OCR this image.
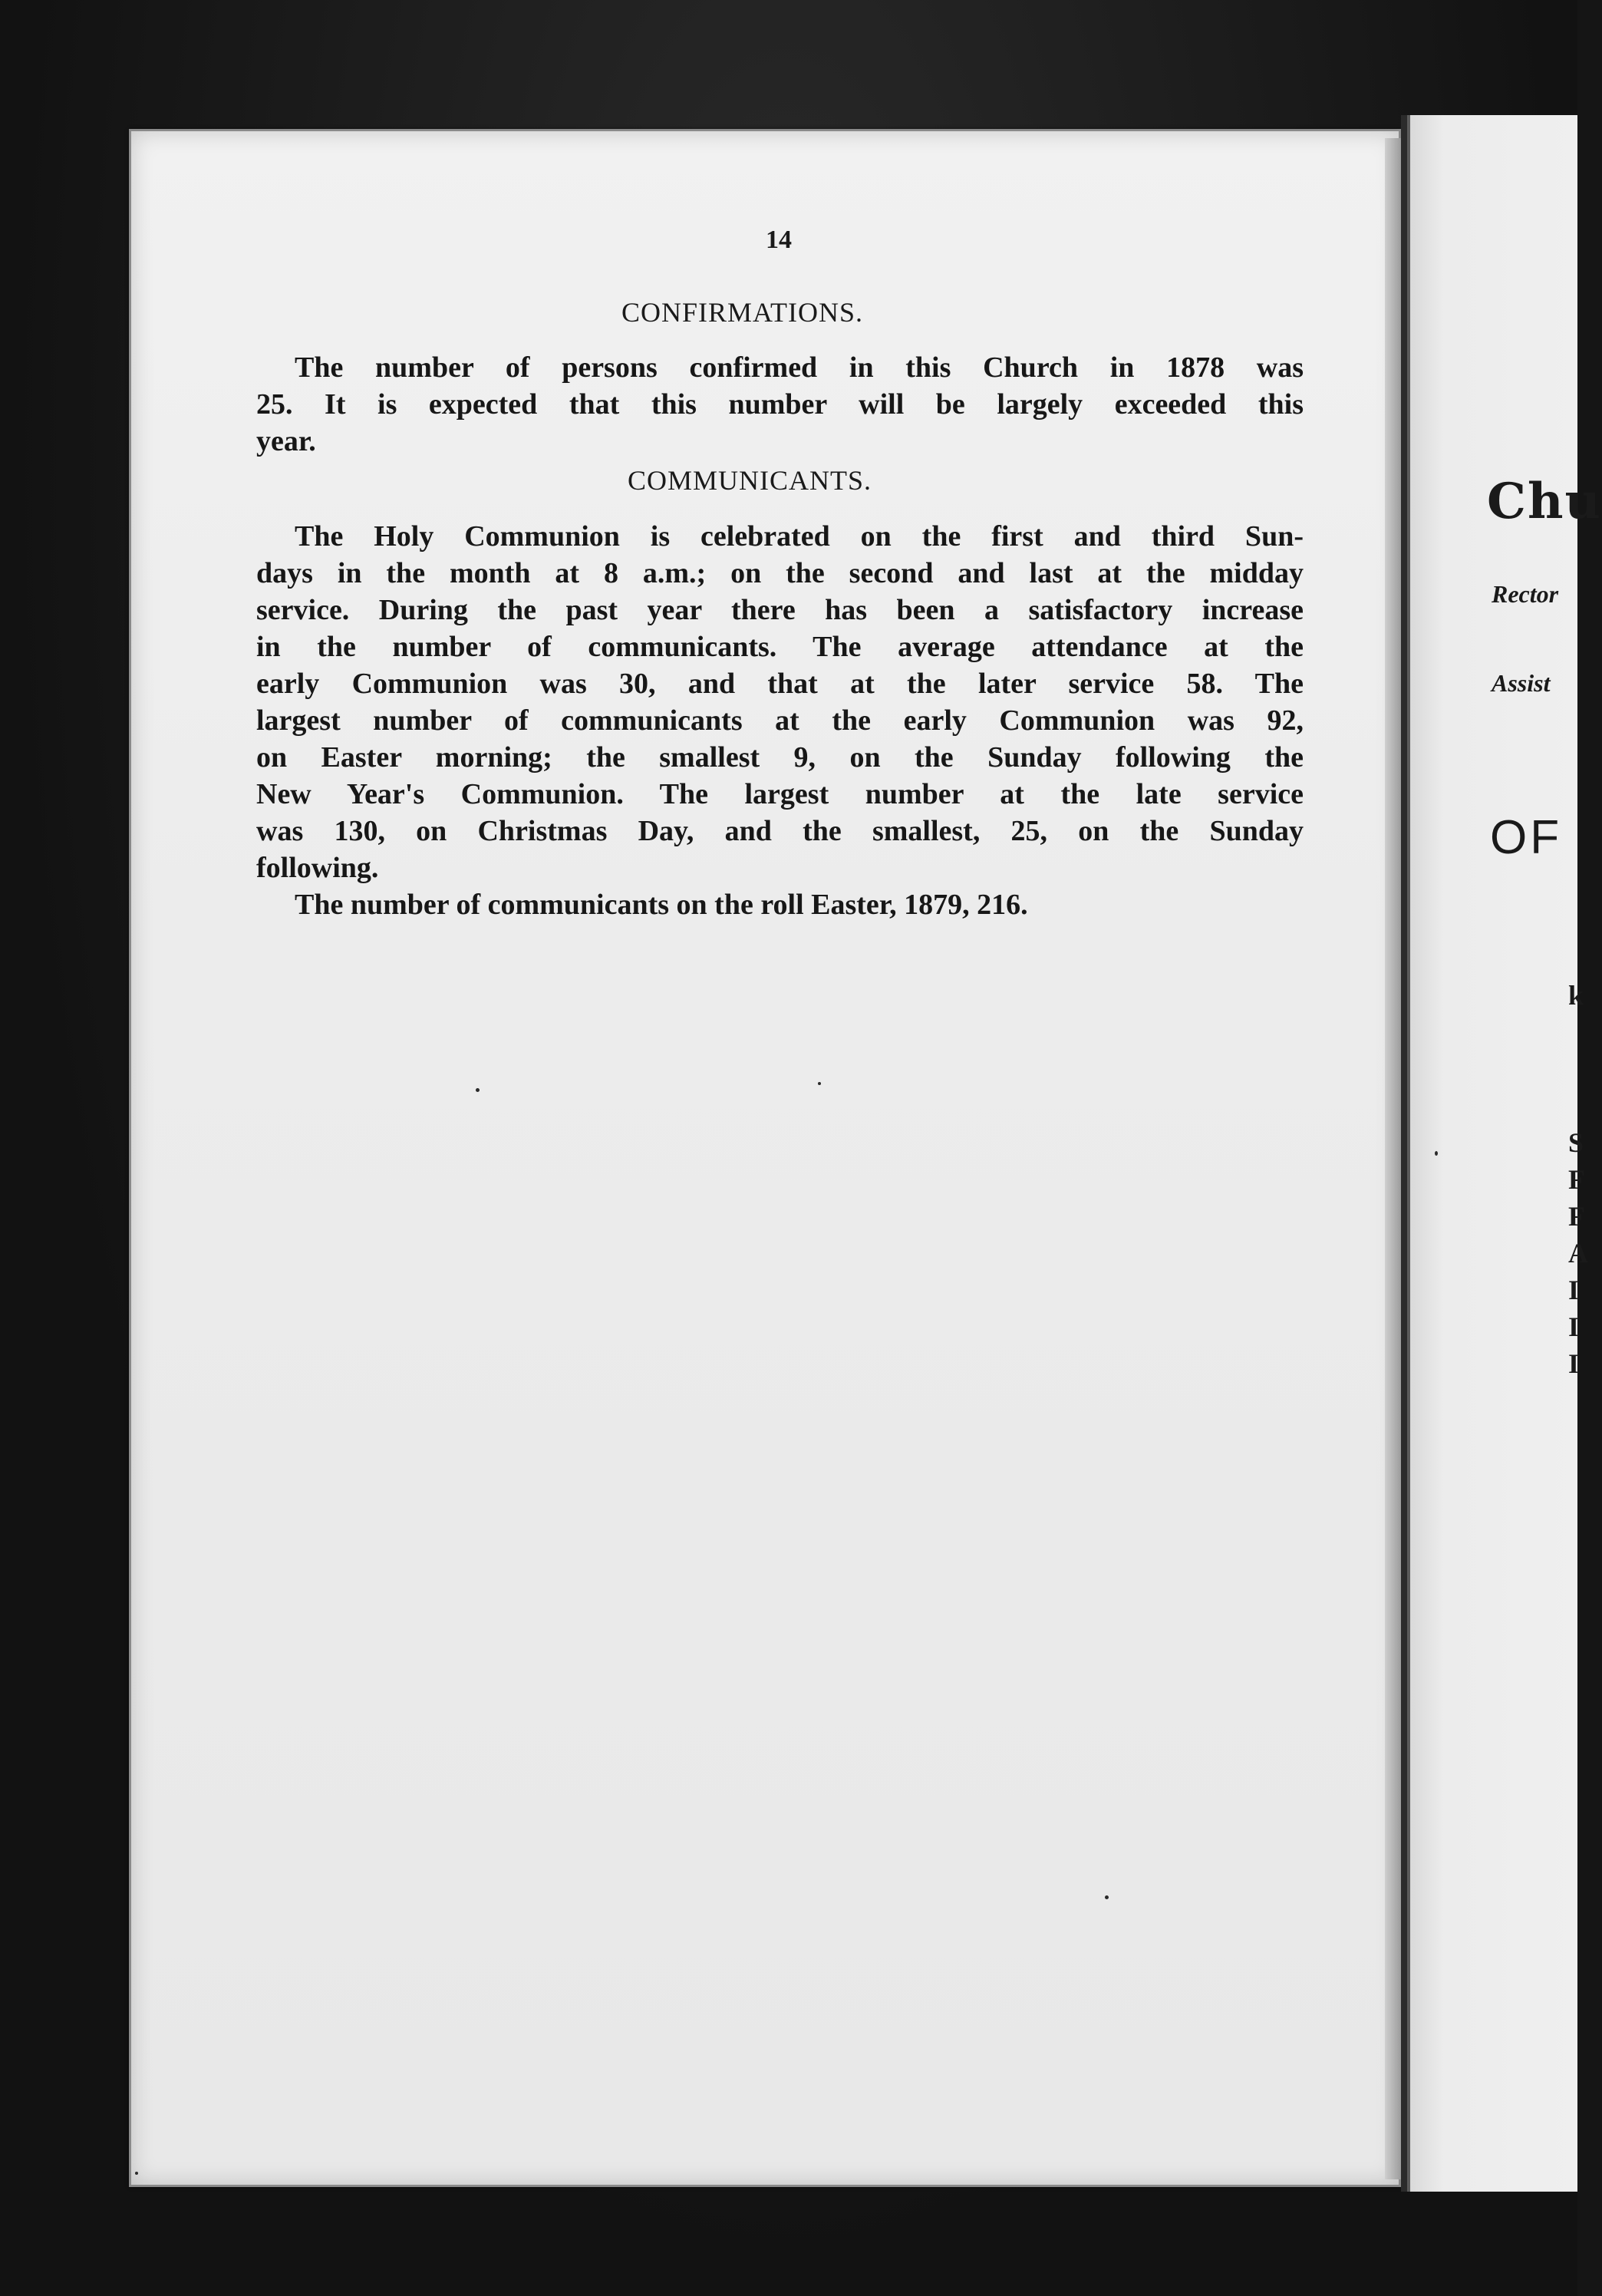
14
CONFIRMATIONS.
The number of persons confirmed in this Church in 1878 was
25. It is expected that this number will be largely exceeded this
year.
COMMUNICANTS.
The Holy Communion is celebrated on the first and third Sun-
days in the month at 8 a.m.; on the second and last at the midday
service. During the past year there has been a satisfactory increase
in the number of communicants. The average attendance at the
early Communion was 30, and that at the later service 58. The
largest number of communicants at the early Communion was 92,
on Easter morning; the smallest 9, on the Sunday following the
New Year's Communion. The largest number at the late service
was 130, on Christmas Day, and the smallest, 25, on the Sunday
following.
The number of communicants on the roll Easter, 1879, 216.
Chu
Rector
Assist
OF
k
S
F
F
A
I
I
I
